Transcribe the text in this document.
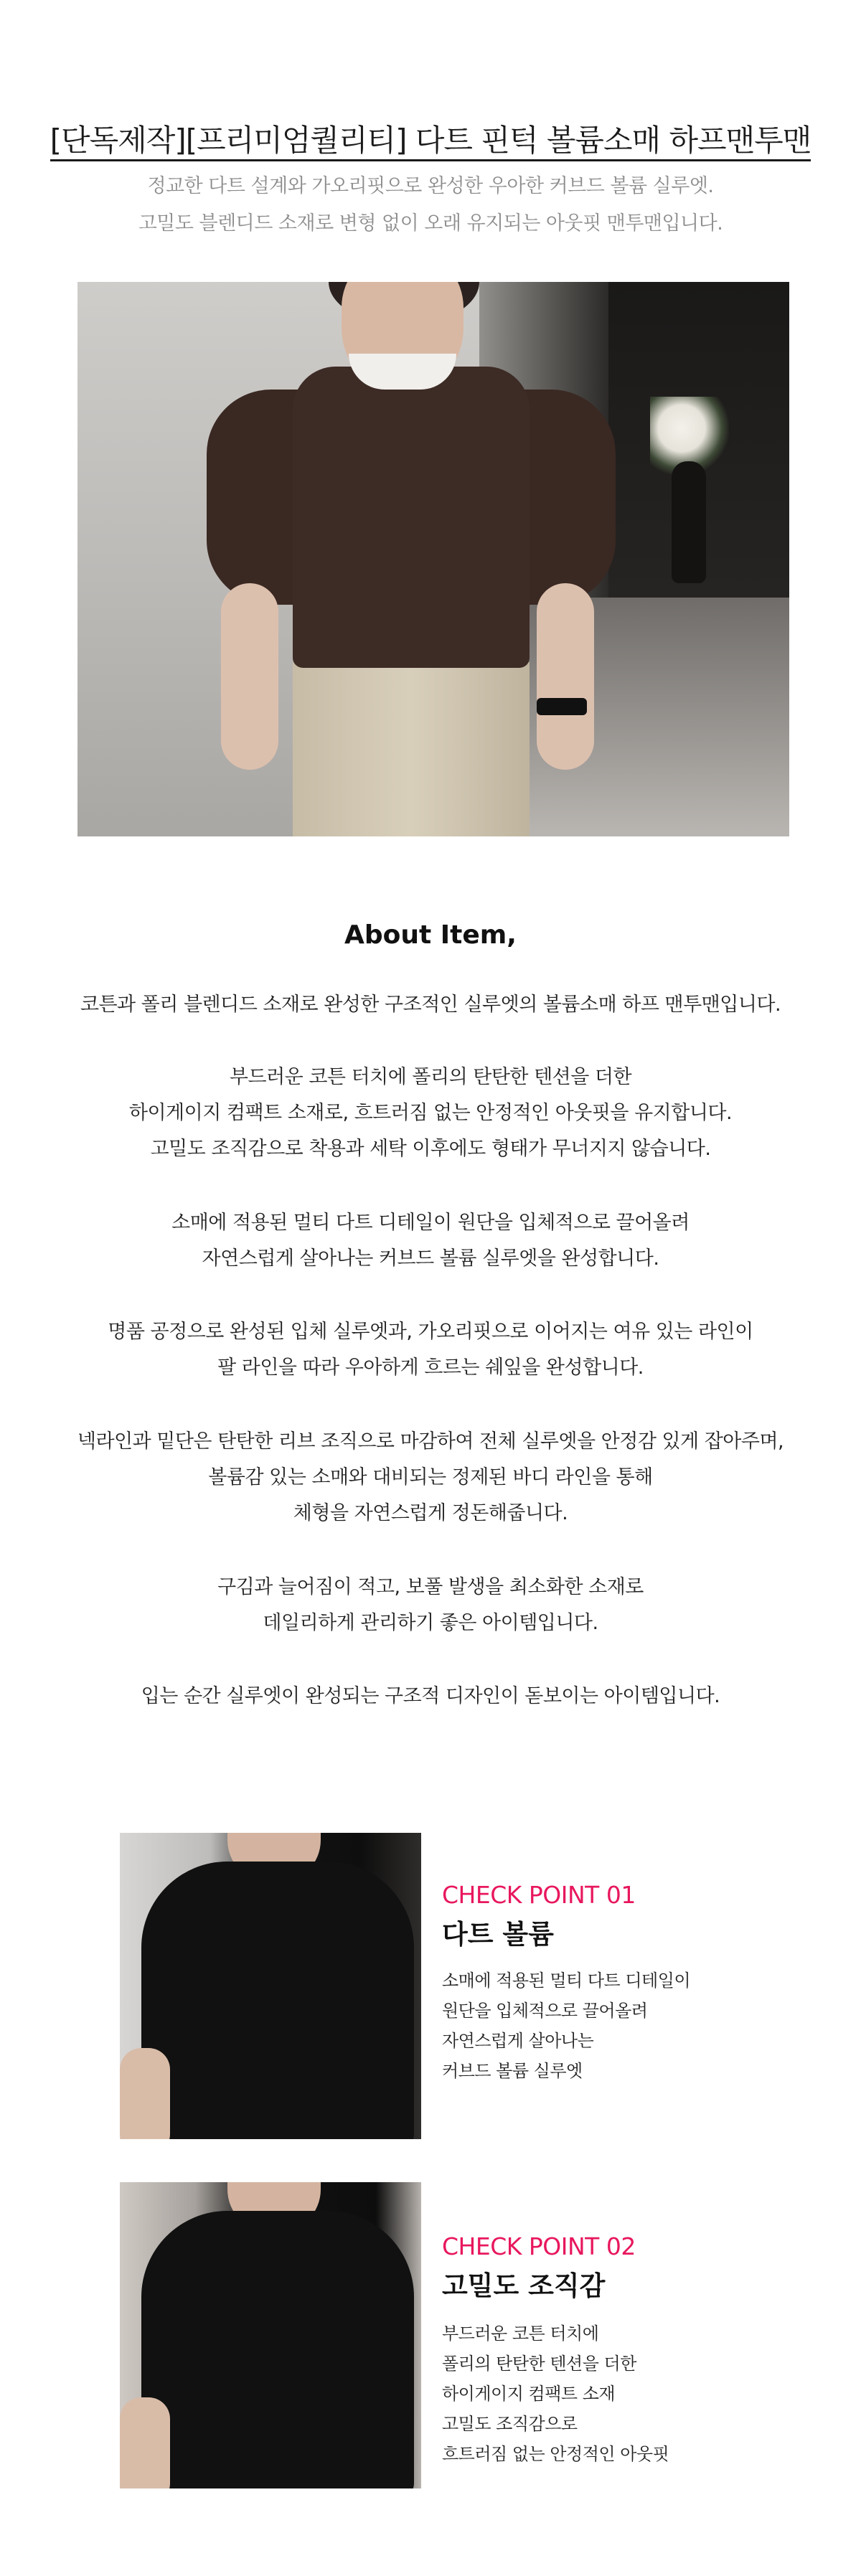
[단독제작][프리미엄퀄리티] 다트 핀턱 볼륨소매 하프맨투맨
정교한 다트 설계와 가오리핏으로 완성한 우아한 커브드 볼륨 실루엣.
고밀도 블렌디드 소재로 변형 없이 오래 유지되는 아웃핏 맨투맨입니다.
About Item,
코튼과 폴리 블렌디드 소재로 완성한 구조적인 실루엣의 볼륨소매 하프 맨투맨입니다.
부드러운 코튼 터치에 폴리의 탄탄한 텐션을 더한
하이게이지 컴팩트 소재로, 흐트러짐 없는 안정적인 아웃핏을 유지합니다.
고밀도 조직감으로 착용과 세탁 이후에도 형태가 무너지지 않습니다.
소매에 적용된 멀티 다트 디테일이 원단을 입체적으로 끌어올려
자연스럽게 살아나는 커브드 볼륨 실루엣을 완성합니다.
명품 공정으로 완성된 입체 실루엣과, 가오리핏으로 이어지는 여유 있는 라인이
팔 라인을 따라 우아하게 흐르는 쉐잎을 완성합니다.
넥라인과 밑단은 탄탄한 리브 조직으로 마감하여 전체 실루엣을 안정감 있게 잡아주며,
볼륨감 있는 소매와 대비되는 정제된 바디 라인을 통해
체형을 자연스럽게 정돈해줍니다.
구김과 늘어짐이 적고, 보풀 발생을 최소화한 소재로
데일리하게 관리하기 좋은 아이템입니다.
입는 순간 실루엣이 완성되는 구조적 디자인이 돋보이는 아이템입니다.
CHECK POINT 01
다트 볼륨
소매에 적용된 멀티 다트 디테일이
원단을 입체적으로 끌어올려
자연스럽게 살아나는
커브드 볼륨 실루엣
CHECK POINT 02
고밀도 조직감
부드러운 코튼 터치에
폴리의 탄탄한 텐션을 더한
하이게이지 컴팩트 소재
고밀도 조직감으로
흐트러짐 없는 안정적인 아웃핏
